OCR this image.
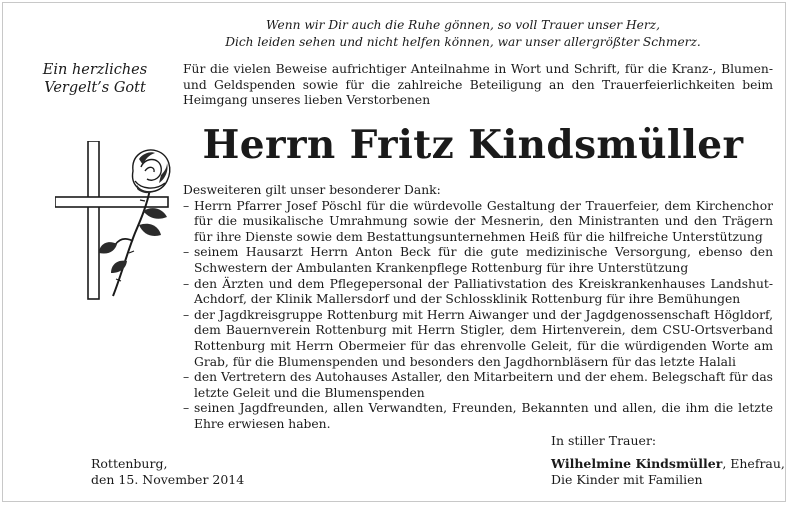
Wenn wir Dir auch die Ruhe gönnen, so voll Trauer unser Herz,
Dich leiden sehen und nicht helfen können, war unser allergrößter Schmerz.
Ein herzliches
Vergelt’s Gott
Für die vielen Beweise aufrichtiger Anteilnahme in Wort und Schrift, für die Kranz-, Blumen- und Geldspenden sowie für die zahlreiche Beteiligung an den Trauerfeierlichkeiten beim Heimgang unseres lieben Verstorbenen
Herrn Fritz Kindsmüller

Desweiteren gilt unser besonderer Dank:

– Herrn Pfarrer Josef Pöschl für die würdevolle Gestaltung der Trauerfeier, dem Kirchenchor für die musikalische Umrahmung sowie der Mesnerin, den Ministranten und den Trägern für ihre Dienste sowie dem Bestattungsunternehmen Heiß für die hilfreiche Unterstützung
– seinem Hausarzt Herrn Anton Beck für die gute medizinische Versorgung, ebenso den Schwestern der Ambulanten Krankenpflege Rottenburg für ihre Unterstützung
– den Ärzten und dem Pflegepersonal der Palliativstation des Kreiskrankenhauses Landshut-Achdorf, der Klinik Mallersdorf und der Schlossklinik Rottenburg für ihre Bemühungen
– der Jagdkreisgruppe Rottenburg mit Herrn Aiwanger und der Jagdgenossenschaft Högldorf, dem Bauernverein Rottenburg mit Herrn Stigler, dem Hirtenverein, dem CSU-Ortsverband Rottenburg mit Herrn Obermeier für das ehrenvolle Geleit, für die würdigenden Worte am Grab, für die Blumenspenden und besonders den Jagdhornbläsern für das letzte Halali
– den Vertretern des Autohauses Astaller, den Mitarbeitern und der ehem. Belegschaft für das letzte Geleit und die Blumenspenden
– seinen Jagdfreunden, allen Verwandten, Freunden, Bekannten und allen, die ihm die letzte Ehre erwiesen haben.
In stiller Trauer:
Wilhelmine Kindsmüller, Ehefrau,
Die Kinder mit Familien
Rottenburg,
den 15. November 2014
